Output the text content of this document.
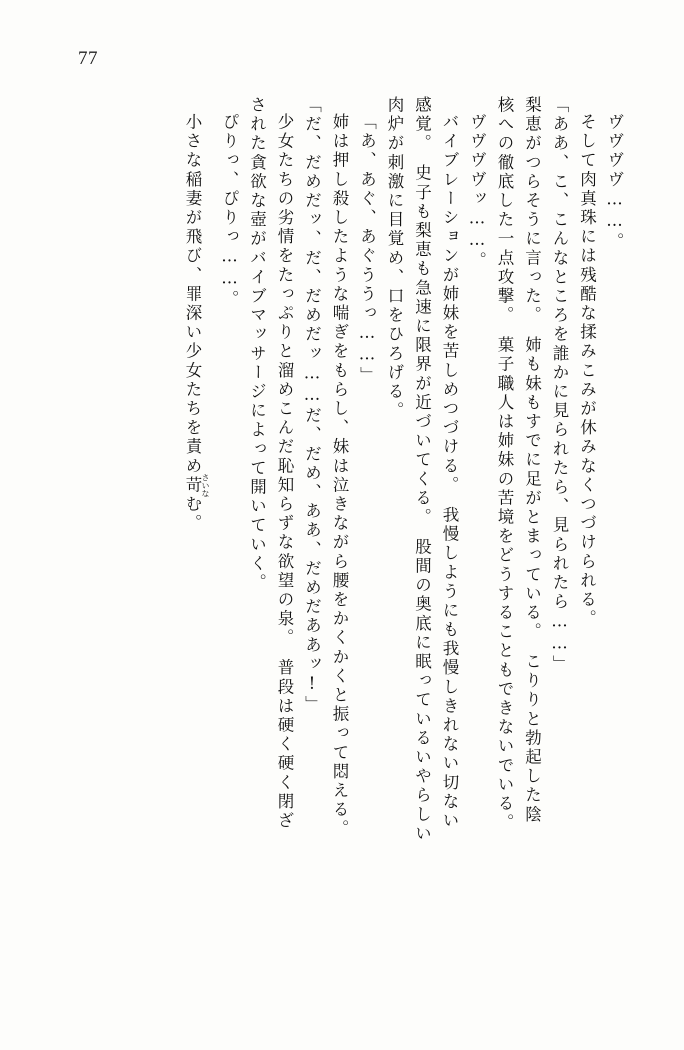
77
ヴヴヴヴ……。
そして肉真珠には残酷な揉みこみが休みなくつづけられる。
「ああ、こ、こんなところを誰かに見られたら、見られたら……」
梨恵がつらそうに言った。　姉も妹もすでに足がとまっている。　こりりと勃起した陰
核への徹底した一点攻撃。　菓子職人は姉妹の苦境をどうすることもできないでいる。
ヴヴヴヴッ……。
バイブレーションが姉妹を苦しめつづける。　我慢しようにも我慢しきれない切ない
感覚。　史子も梨恵も急速に限界が近づいてくる。　股間の奥底に眠っているいやらしい
肉炉が刺激に目覚め、口をひろげる。
「あ、あぐ、あぐううっ……」
姉は押し殺したような喘ぎをもらし、妹は泣きながら腰をかくかくと振って悶える。
「だ、だめだッ、だ、だめだッ……だ、だめ、ああ、だめだああッ!」
少女たちの劣情をたっぷりと溜めこんだ恥知らずな欲望の泉。　普段は硬く硬く閉ざ
された貪欲な壺がバイブマッサージによって開いていく。
ぴりっ、ぴりっ……。
小さな稲妻が飛び、罪深い少女たちを責め苛 さいなむ。
